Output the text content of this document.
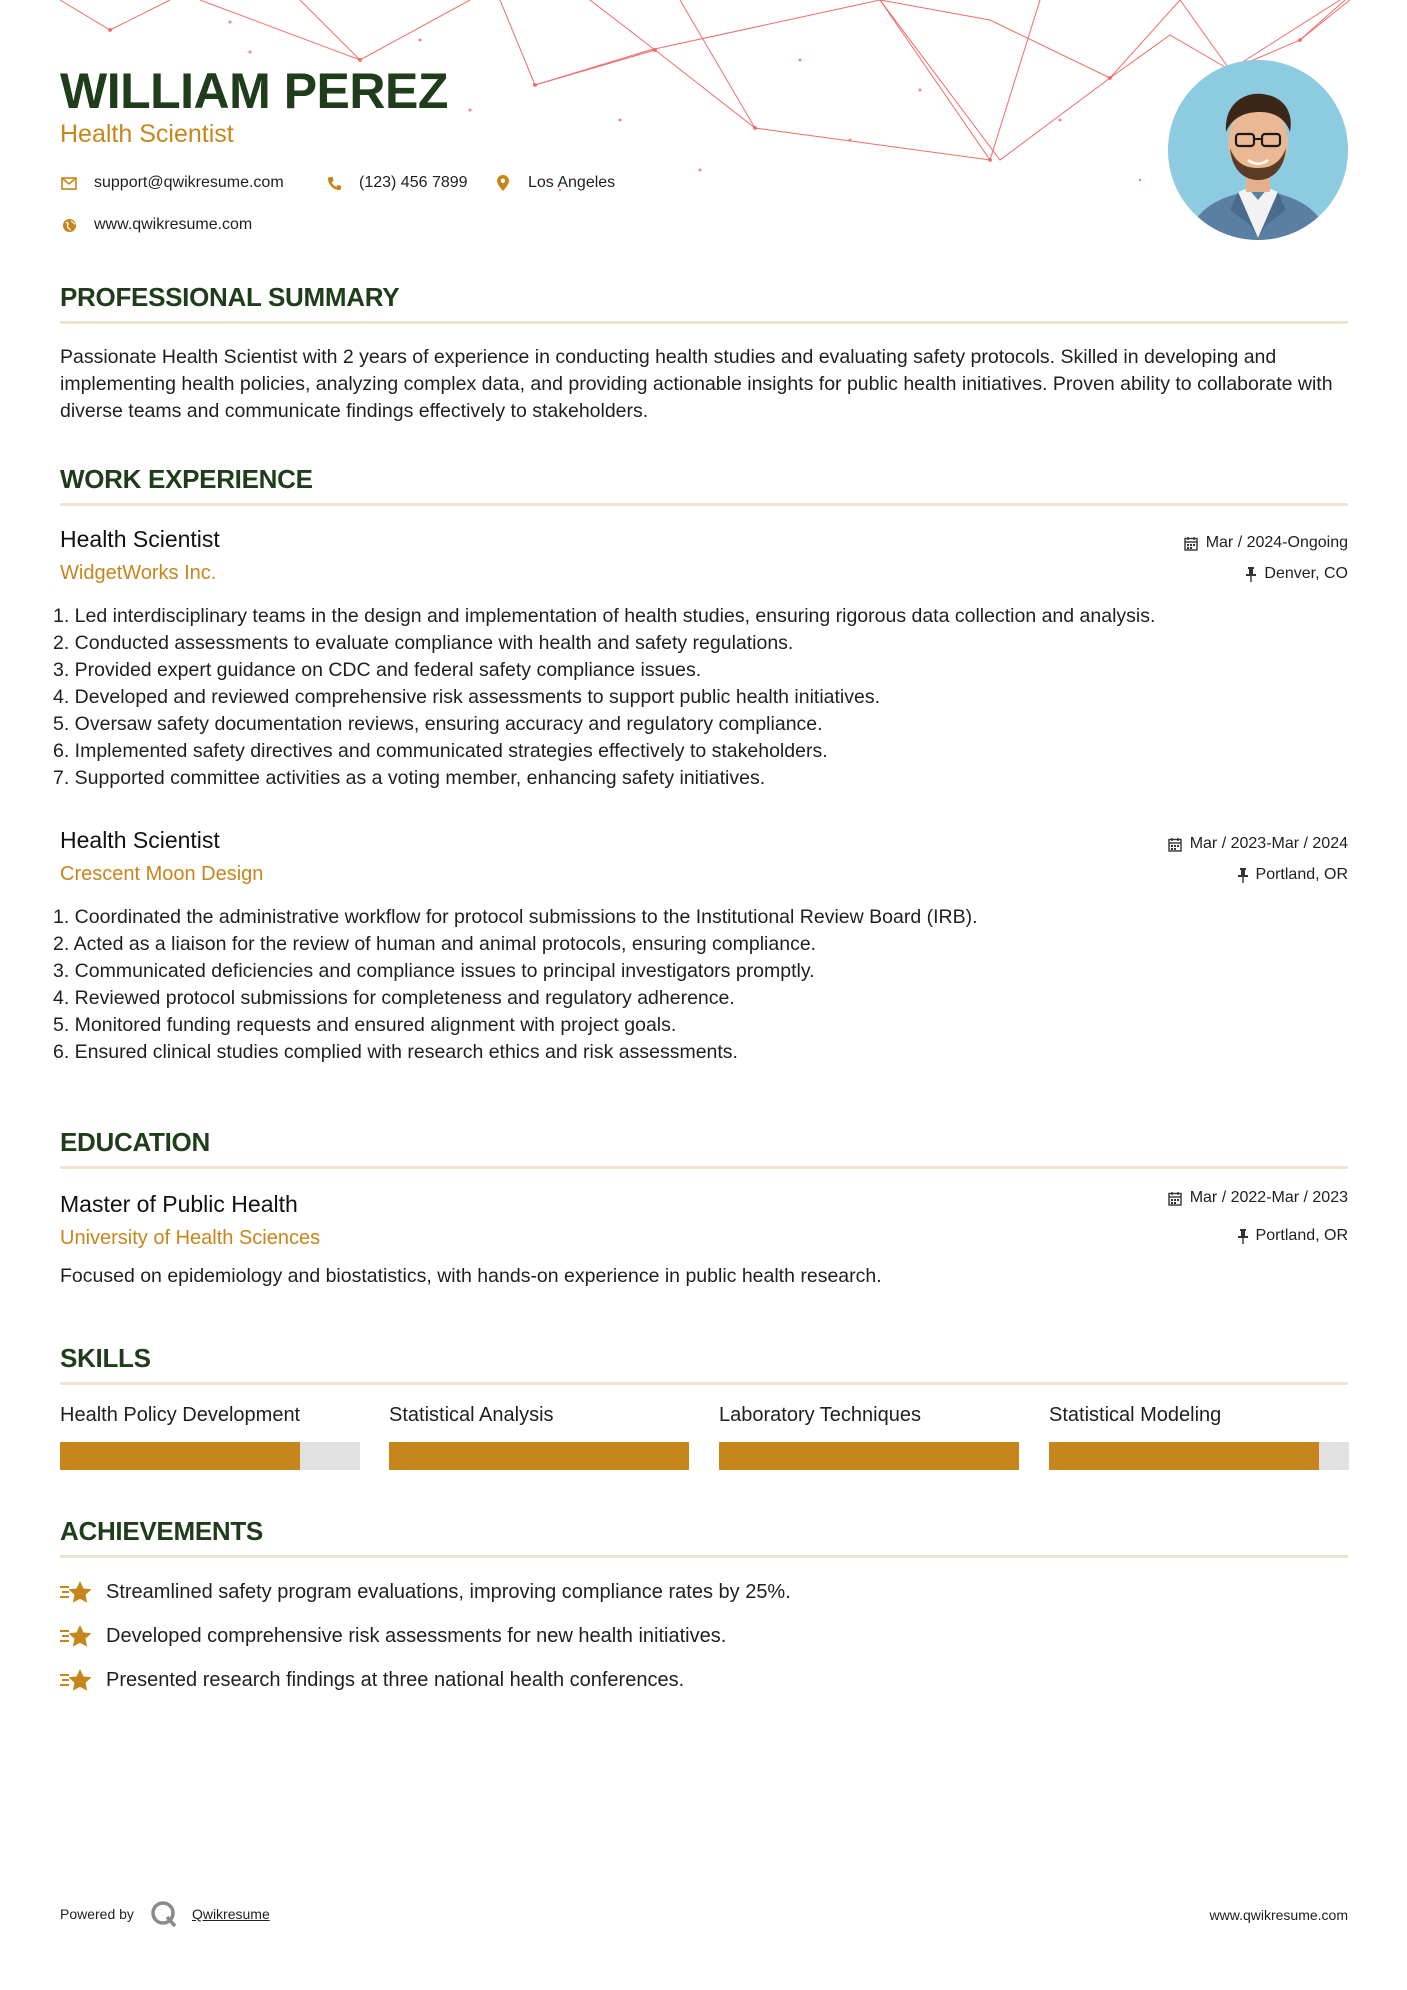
WILLIAM PEREZ
Health Scientist
support@qwikresume.com	(123) 456 7899	Los Angeles
www.qwikresume.com
PROFESSIONAL SUMMARY
Passionate Health Scientist with 2 years of experience in conducting health studies and evaluating safety protocols. Skilled in developing and implementing health policies, analyzing complex data, and providing actionable insights for public health initiatives. Proven ability to collaborate with diverse teams and communicate findings effectively to stakeholders.
WORK EXPERIENCE
Health Scientist
WidgetWorks Inc.
Mar / 2024-Ongoing
Denver, CO
1. Led interdisciplinary teams in the design and implementation of health studies, ensuring rigorous data collection and analysis.
2. Conducted assessments to evaluate compliance with health and safety regulations.
3. Provided expert guidance on CDC and federal safety compliance issues.
4. Developed and reviewed comprehensive risk assessments to support public health initiatives.
5. Oversaw safety documentation reviews, ensuring accuracy and regulatory compliance.
6. Implemented safety directives and communicated strategies effectively to stakeholders.
7. Supported committee activities as a voting member, enhancing safety initiatives.
Health Scientist
Crescent Moon Design
Mar / 2023-Mar / 2024
Portland, OR
1. Coordinated the administrative workflow for protocol submissions to the Institutional Review Board (IRB).
2. Acted as a liaison for the review of human and animal protocols, ensuring compliance.
3. Communicated deficiencies and compliance issues to principal investigators promptly.
4. Reviewed protocol submissions for completeness and regulatory adherence.
5. Monitored funding requests and ensured alignment with project goals.
6. Ensured clinical studies complied with research ethics and risk assessments.
EDUCATION
Master of Public Health
University of Health Sciences
Mar / 2022-Mar / 2023
Portland, OR
Focused on epidemiology and biostatistics, with hands-on experience in public health research.
SKILLS
Health Policy Development	Statistical Analysis	Laboratory Techniques	Statistical Modeling
ACHIEVEMENTS
Streamlined safety program evaluations, improving compliance rates by 25%.
Developed comprehensive risk assessments for new health initiatives.
Presented research findings at three national health conferences.
Powered by	Qwikresume	www.qwikresume.com
